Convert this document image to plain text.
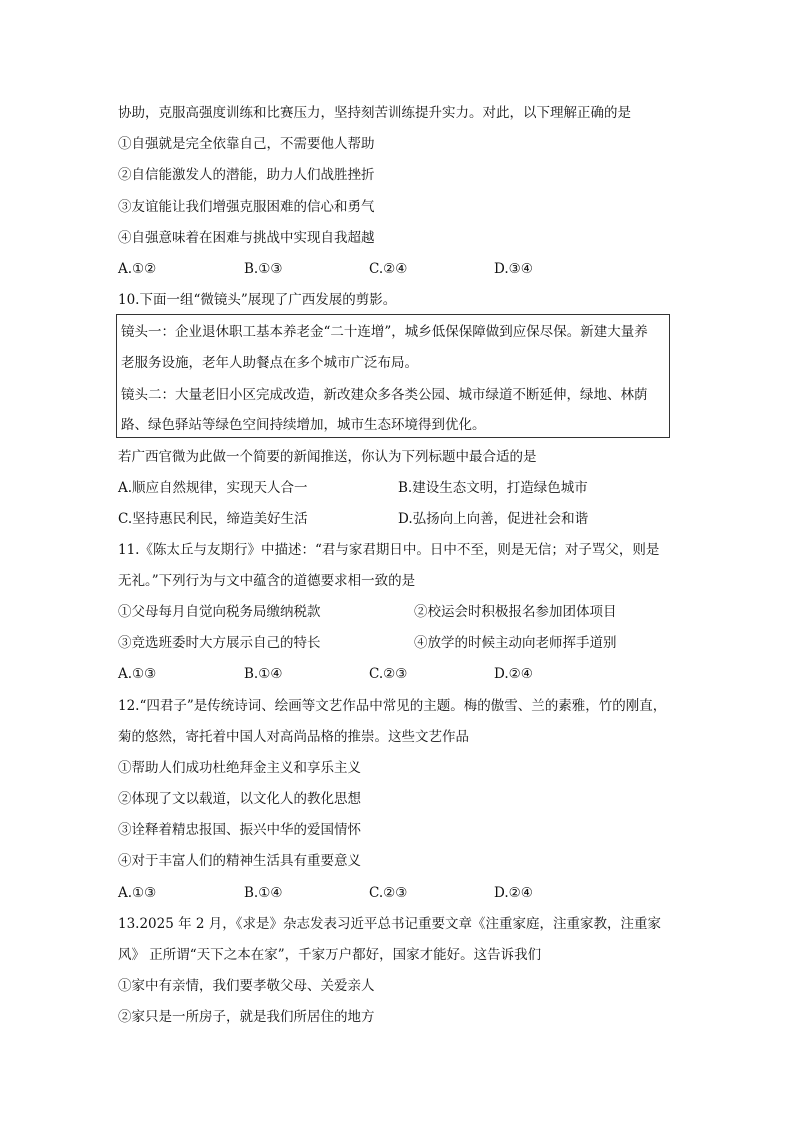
协助，克服高强度训练和比赛压力，坚持刻苦训练提升实力。对此，以下理解正确的是
①自强就是完全依靠自己，不需要他人帮助
②自信能激发人的潜能，助力人们战胜挫折
③友谊能让我们增强克服困难的信心和勇气
④自强意味着在困难与挑战中实现自我超越
A.①②	B.①③	C.②④	D.③④
10.下面一组“微镜头”展现了广西发展的剪影。
镜头一：企业退休职工基本养老金“二十连增”，城乡低保保障做到应保尽保。新建大量养
老服务设施，老年人助餐点在多个城市广泛布局。
镜头二：大量老旧小区完成改造，新改建众多各类公园、城市绿道不断延伸，绿地、林荫
路、绿色驿站等绿色空间持续增加，城市生态环境得到优化。
若广西官微为此做一个简要的新闻推送，你认为下列标题中最合适的是
A.顺应自然规律，实现天人合一	B.建设生态文明，打造绿色城市
C.坚持惠民利民，缔造美好生活	D.弘扬向上向善，促进社会和谐
11.《陈太丘与友期行》中描述：“君与家君期日中。日中不至，则是无信；对子骂父，则是
无礼。”下列行为与文中蕴含的道德要求相一致的是
①父母每月自觉向税务局缴纳税款	②校运会时积极报名参加团体项目
③竞选班委时大方展示自己的特长	④放学的时候主动向老师挥手道别
A.①③	B.①④	C.②③	D.②④
12.“四君子”是传统诗词、绘画等文艺作品中常见的主题。梅的傲雪、兰的素雅，竹的刚直，
菊的悠然，寄托着中国人对高尚品格的推崇。这些文艺作品
①帮助人们成功杜绝拜金主义和享乐主义
②体现了文以载道，以文化人的教化思想
③诠释着精忠报国、振兴中华的爱国情怀
④对于丰富人们的精神生活具有重要意义
A.①③	B.①④	C.②③	D.②④
13.2025 年 2 月，《求是》杂志发表习近平总书记重要文章《注重家庭，注重家教，注重家
风》 正所谓“天下之本在家”，千家万户都好，国家才能好。这告诉我们
①家中有亲情，我们要孝敬父母、关爱亲人
②家只是一所房子，就是我们所居住的地方
